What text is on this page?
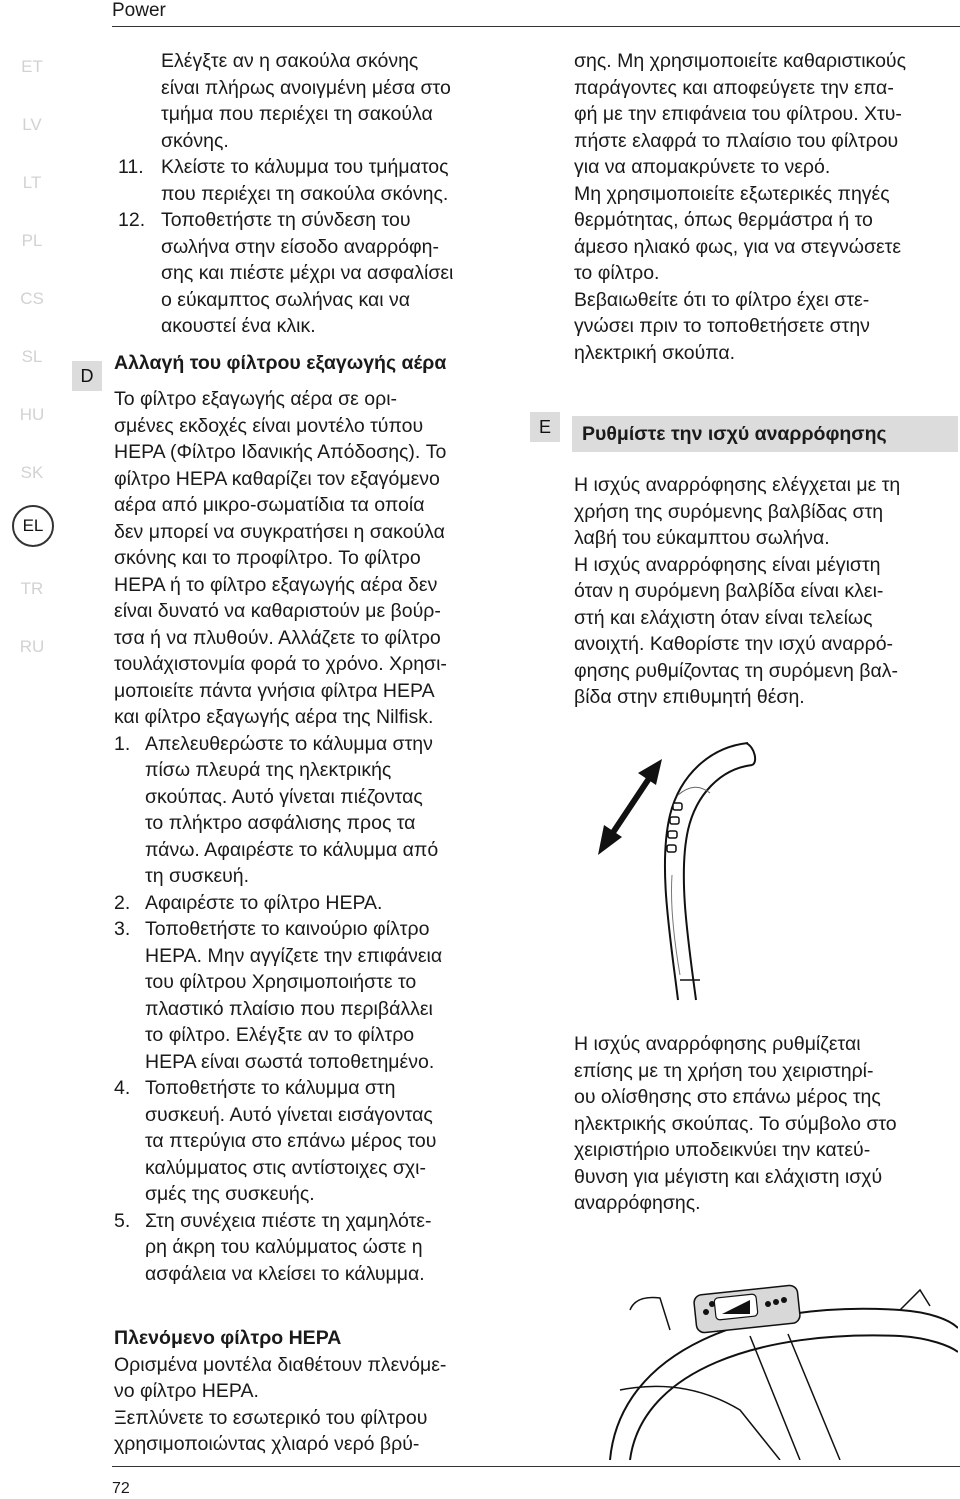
Power
ET
LV
LT
PL
CS
SL
HU
SK
EL
TR
RU
Ελέγξτε αν η σακούλα σκόνης
είναι πλήρως ανοιγμένη μέσα στο
τμήμα που περιέχει τη σακούλα
σκόνης.
11. Κλείστε το κάλυμμα του τμήματος
που περιέχει τη σακούλα σκόνης.
12. Τοποθετήστε τη σύνδεση του
σωλήνα στην είσοδο αναρρόφη-
σης και πιέστε μέχρι να ασφαλίσει
ο εύκαμπτος σωλήνας και να
ακουστεί ένα κλικ.
Αλλαγή του φίλτρου εξαγωγής αέρα
Το φίλτρο εξαγωγής αέρα σε ορι-
σμένες εκδοχές είναι μοντέλο τύπου
HEPA (Φίλτρο Ιδανικής Απόδοσης). Το
φίλτρο HEPA καθαρίζει τον εξαγόμενο
αέρα από μικρο-σωματίδια τα οποία
δεν μπορεί να συγκρατήσει η σακούλα
σκόνης και το προφίλτρο. Το φίλτρο
HEPA ή το φίλτρο εξαγωγής αέρα δεν
είναι δυνατό να καθαριστούν με βούρ-
τσα ή να πλυθούν. Αλλάζετε το φίλτρο
τουλάχιστονμία φορά το χρόνο. Χρησι-
μοποιείτε πάντα γνήσια φίλτρα HEPA
και φίλτρο εξαγωγής αέρα της Nilfisk.
1. Απελευθερώστε το κάλυμμα στην
πίσω πλευρά της ηλεκτρικής
σκούπας. Αυτό γίνεται πιέζοντας
το πλήκτρο ασφάλισης προς τα
πάνω. Αφαιρέστε το κάλυμμα από
τη συσκευή.
2. Αφαιρέστε το φίλτρο HEPA.
3. Τοποθετήστε το καινούριο φίλτρο
HEPA. Μην αγγίζετε την επιφάνεια
του φίλτρου Χρησιμοποιήστε το
πλαστικό πλαίσιο που περιβάλλει
το φίλτρο. Ελέγξτε αν το φίλτρο
HEPA είναι σωστά τοποθετημένο.
4. Τοποθετήστε το κάλυμμα στη
συσκευή. Αυτό γίνεται εισάγοντας
τα πτερύγια στο επάνω μέρος του
καλύμματος στις αντίστοιχες σχι-
σμές της συσκευής.
5. Στη συνέχεια πιέστε τη χαμηλότε-
ρη άκρη του καλύμματος ώστε η
ασφάλεια να κλείσει το κάλυμμα.
Πλενόμενο φίλτρο HEPA
Ορισμένα μοντέλα διαθέτουν πλενόμε-
νο φίλτρο HEPA.
Ξεπλύνετε το εσωτερικό του φίλτρου
χρησιμοποιώντας χλιαρό νερό βρύ-
D
σης. Μη χρησιμοποιείτε καθαριστικούς
παράγοντες και αποφεύγετε την επα-
φή με την επιφάνεια του φίλτρου. Χτυ-
πήστε ελαφρά το πλαίσιο του φίλτρου
για να απομακρύνετε το νερό.
Μη χρησιμοποιείτε εξωτερικές πηγές
θερμότητας, όπως θερμάστρα ή το
άμεσο ηλιακό φως, για να στεγνώσετε
το φίλτρο.
Βεβαιωθείτε ότι το φίλτρο έχει στε-
γνώσει πριν το τοποθετήσετε στην
ηλεκτρική σκούπα.
E	Ρυθμίστε την ισχύ αναρρόφησης
Η ισχύς αναρρόφησης ελέγχεται με τη
χρήση της συρόμενης βαλβίδας στη
λαβή του εύκαμπτου σωλήνα.
Η ισχύς αναρρόφησης είναι μέγιστη
όταν η συρόμενη βαλβίδα είναι κλει-
στή και ελάχιστη όταν είναι τελείως
ανοιχτή. Καθορίστε την ισχύ αναρρό-
φησης ρυθμίζοντας τη συρόμενη βαλ-
βίδα στην επιθυμητή θέση.
Η ισχύς αναρρόφησης ρυθμίζεται
επίσης με τη χρήση του χειριστηρί-
ου ολίσθησης στο επάνω μέρος της
ηλεκτρικής σκούπας. Το σύμβολο στο
χειριστήριο υποδεικνύει την κατεύ-
θυνση για μέγιστη και ελάχιστη ισχύ
αναρρόφησης.
72
